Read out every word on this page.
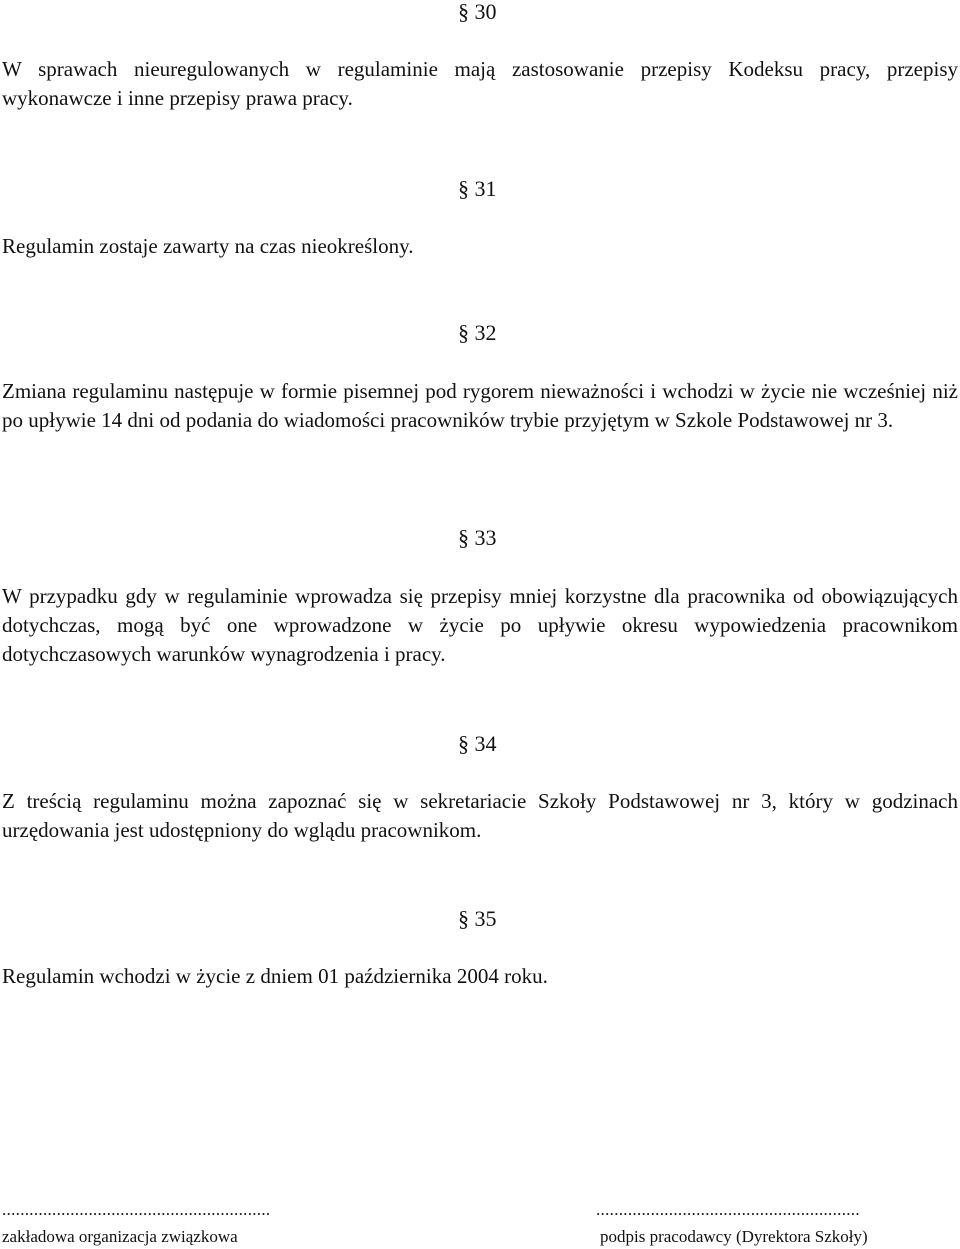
§ 30
W sprawach nieuregulowanych w regulaminie mają zastosowanie przepisy Kodeksu pracy, przepisy wykonawcze i inne przepisy prawa pracy.
§ 31
Regulamin zostaje zawarty na czas nieokreślony.
§ 32
Zmiana regulaminu następuje w formie pisemnej pod rygorem nieważności i wchodzi w życie nie wcześniej niż po upływie 14 dni od podania do wiadomości pracowników trybie przyjętym w Szkole Podstawowej nr 3.
§ 33
W przypadku gdy w regulaminie wprowadza się przepisy mniej korzystne dla pracownika od obowiązujących dotychczas, mogą być one wprowadzone w życie po upływie okresu wypowiedzenia pracownikom dotychczasowych warunków wynagrodzenia i pracy.
§ 34
Z treścią regulaminu można zapoznać się w sekretariacie Szkoły Podstawowej nr 3, który w godzinach urzędowania jest udostępniony do wglądu pracownikom.
§ 35
Regulamin wchodzi w życie z dniem 01 października 2004 roku.
...........................................................
zakładowa organizacja związkowa
..........................................................
podpis pracodawcy (Dyrektora Szkoły)
